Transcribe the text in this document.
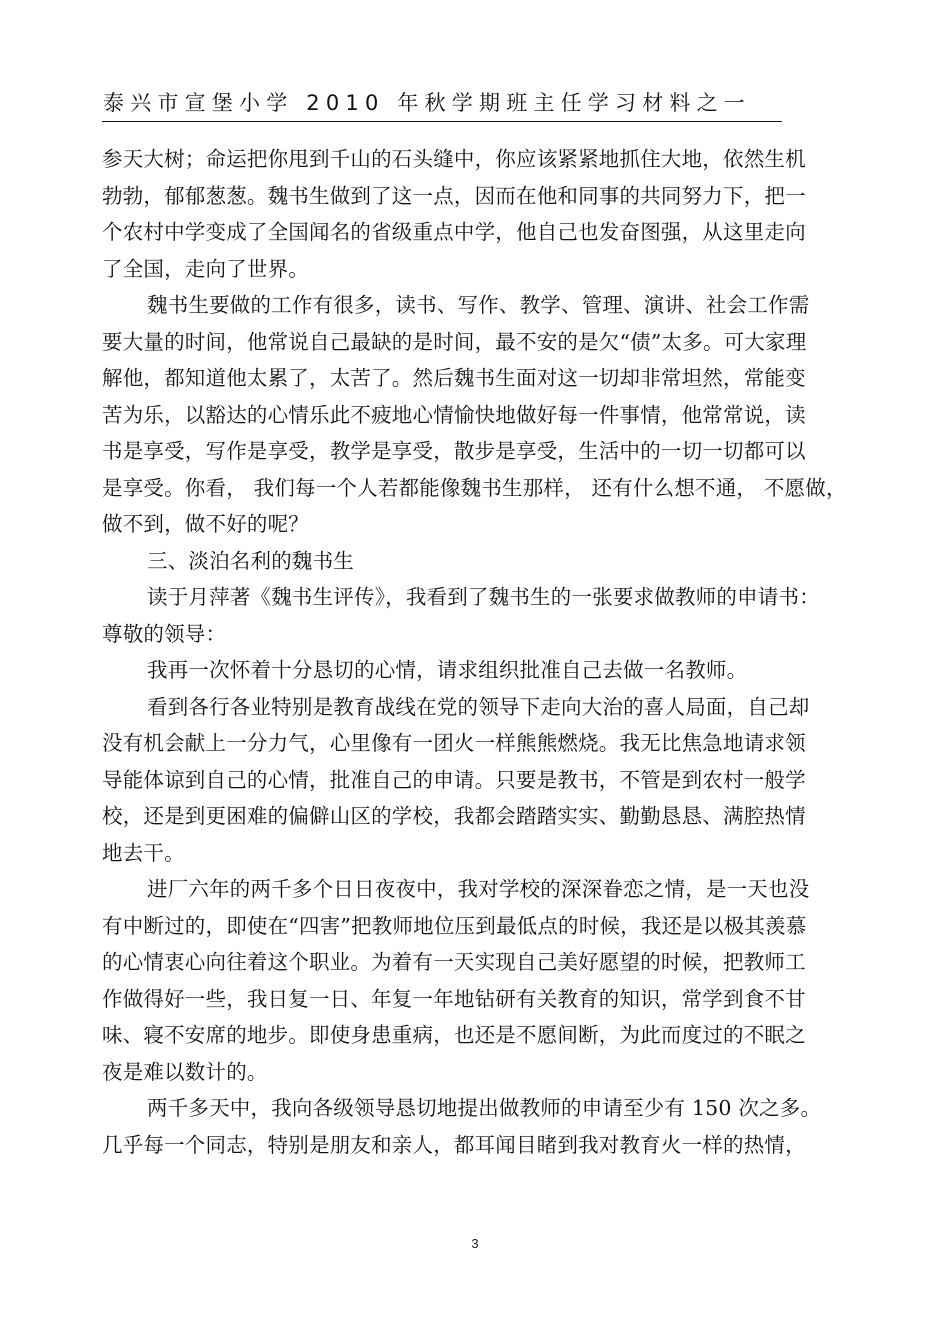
泰兴市宣堡小学 2010 年秋学期班主任学习材料之一
参天大树；命运把你甩到千山的石头缝中，你应该紧紧地抓住大地，依然生机
勃勃，郁郁葱葱。魏书生做到了这一点，因而在他和同事的共同努力下，把一
个农村中学变成了全国闻名的省级重点中学，他自己也发奋图强，从这里走向
了全国，走向了世界。
魏书生要做的工作有很多，读书、写作、教学、管理、演讲、社会工作需
要大量的时间，他常说自己最缺的是时间，最不安的是欠“债”太多。可大家理
解他，都知道他太累了，太苦了。然后魏书生面对这一切却非常坦然，常能变
苦为乐，以豁达的心情乐此不疲地心情愉快地做好每一件事情，他常常说，读
书是享受，写作是享受，教学是享受，散步是享受，生活中的一切一切都可以
是享受。你看， 我们每一个人若都能像魏书生那样， 还有什么想不通， 不愿做，
做不到，做不好的呢？
三、淡泊名利的魏书生
读于月萍著《魏书生评传》，我看到了魏书生的一张要求做教师的申请书：
尊敬的领导：
我再一次怀着十分恳切的心情，请求组织批准自己去做一名教师。
看到各行各业特别是教育战线在党的领导下走向大治的喜人局面，自己却
没有机会献上一分力气，心里像有一团火一样熊熊燃烧。我无比焦急地请求领
导能体谅到自己的心情，批准自己的申请。只要是教书，不管是到农村一般学
校，还是到更困难的偏僻山区的学校，我都会踏踏实实、勤勤恳恳、满腔热情
地去干。
进厂六年的两千多个日日夜夜中，我对学校的深深眷恋之情，是一天也没
有中断过的，即使在“四害”把教师地位压到最低点的时候，我还是以极其羡慕
的心情衷心向往着这个职业。为着有一天实现自己美好愿望的时候，把教师工
作做得好一些，我日复一日、年复一年地钻研有关教育的知识，常学到食不甘
味、寝不安席的地步。即使身患重病，也还是不愿间断，为此而度过的不眠之
夜是难以数计的。
两千多天中，我向各级领导恳切地提出做教师的申请至少有 150 次之多。
几乎每一个同志，特别是朋友和亲人，都耳闻目睹到我对教育火一样的热情，
3
